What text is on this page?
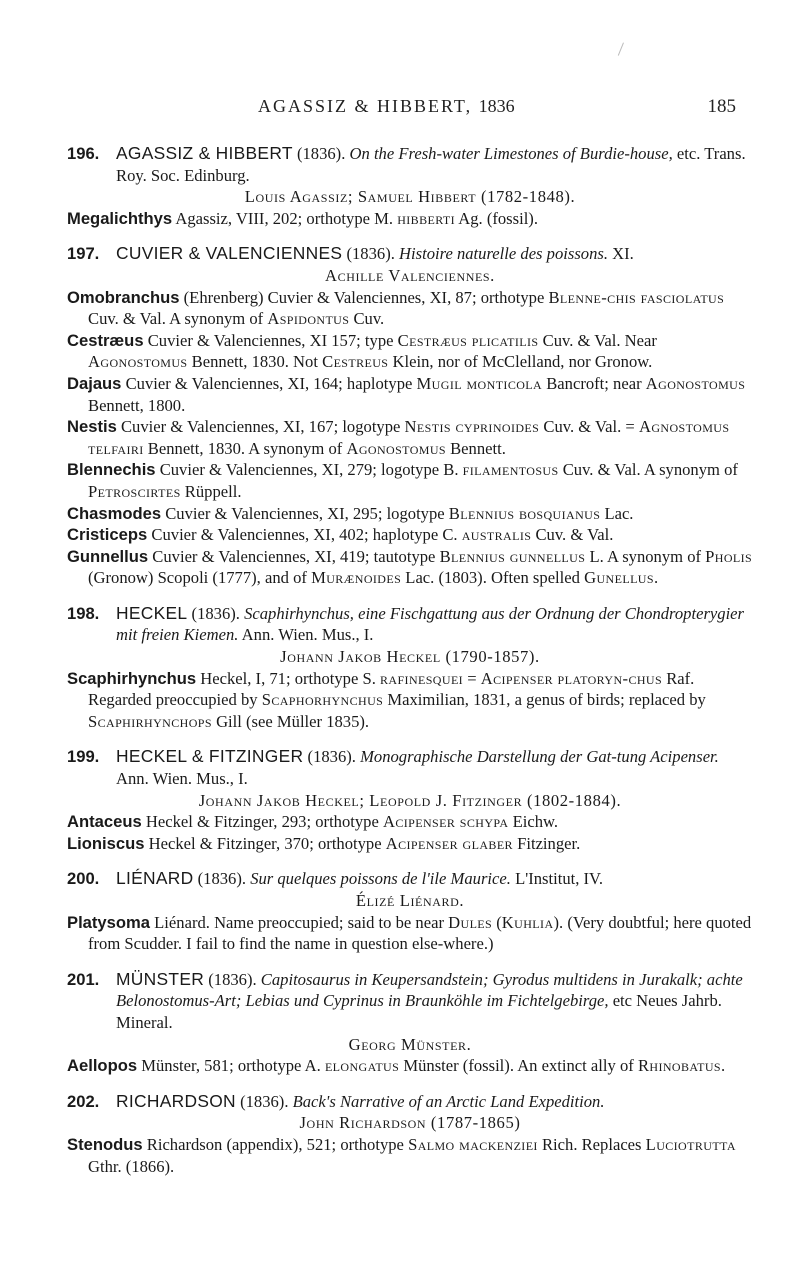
AGASSIZ & HIBBERT, 1836	185
196. AGASSIZ & HIBBERT (1836). On the Fresh-water Limestones of Burdie-house, etc. Trans. Roy. Soc. Edinburg.
Louis Agassiz; Samuel Hibbert (1782-1848).
Megalichthys Agassiz, VIII, 202; orthotype M. hibberti Ag. (fossil).
197. CUVIER & VALENCIENNES (1836). Histoire naturelle des poissons. XI.
Achille Valenciennes.
Omobranchus (Ehrenberg) Cuvier & Valenciennes, XI, 87; orthotype Blenne-chis fasciolatus Cuv. & Val. A synonym of Aspidontus Cuv.
Cestræus Cuvier & Valenciennes, XI 157; type Cestræus plicatilis Cuv. & Val. Near Agonostomus Bennett, 1830. Not Cestreus Klein, nor of McClelland, nor Gronow.
Dajaus Cuvier & Valenciennes, XI, 164; haplotype Mugil monticola Bancroft; near Agonostomus Bennett, 1800.
Nestis Cuvier & Valenciennes, XI, 167; logotype Nestis cyprinoides Cuv. & Val. = Agnostomus telfairi Bennett, 1830. A synonym of Agonostomus Bennett.
Blennechis Cuvier & Valenciennes, XI, 279; logotype B. filamentosus Cuv. & Val. A synonym of Petroscirtes Rüppell.
Chasmodes Cuvier & Valenciennes, XI, 295; logotype Blennius bosquianus Lac.
Cristiceps Cuvier & Valenciennes, XI, 402; haplotype C. australis Cuv. & Val.
Gunnellus Cuvier & Valenciennes, XI, 419; tautotype Blennius gunnellus L. A synonym of Pholis (Gronow) Scopoli (1777), and of Murænoides Lac. (1803). Often spelled Gunellus.
198. HECKEL (1836). Scaphirhynchus, eine Fischgattung aus der Ordnung der Chondropterygier mit freien Kiemen. Ann. Wien. Mus., I.
Johann Jakob Heckel (1790-1857).
Scaphirhynchus Heckel, I, 71; orthotype S. rafinesquei = Acipenser platoryn-chus Raf. Regarded preoccupied by Scaphorhynchus Maximilian, 1831, a genus of birds; replaced by Scaphirhynchops Gill (see Müller 1835).
199. HECKEL & FITZINGER (1836). Monographische Darstellung der Gat-tung Acipenser. Ann. Wien. Mus., I.
Johann Jakob Heckel; Leopold J. Fitzinger (1802-1884).
Antaceus Heckel & Fitzinger, 293; orthotype Acipenser schypa Eichw.
Lioniscus Heckel & Fitzinger, 370; orthotype Acipenser glaber Fitzinger.
200. LIÉNARD (1836). Sur quelques poissons de l'ile Maurice. L'Institut, IV.
Élizé Liénard.
Platysoma Liénard. Name preoccupied; said to be near Dules (Kuhlia). (Very doubtful; here quoted from Scudder. I fail to find the name in question else-where.)
201. MÜNSTER (1836). Capitosaurus in Keupersandstein; Gyrodus multidens in Jurakalk; achte Belonostomus-Art; Lebias und Cyprinus in Braunköhle im Fichtelgebirge, etc Neues Jahrb. Mineral.
Georg Münster.
Aellopos Münster, 581; orthotype A. elongatus Münster (fossil). An extinct ally of Rhinobatus.
202. RICHARDSON (1836). Back's Narrative of an Arctic Land Expedition.
John Richardson (1787-1865)
Stenodus Richardson (appendix), 521; orthotype Salmo mackenziei Rich. Replaces Luciotrutta Gthr. (1866).
